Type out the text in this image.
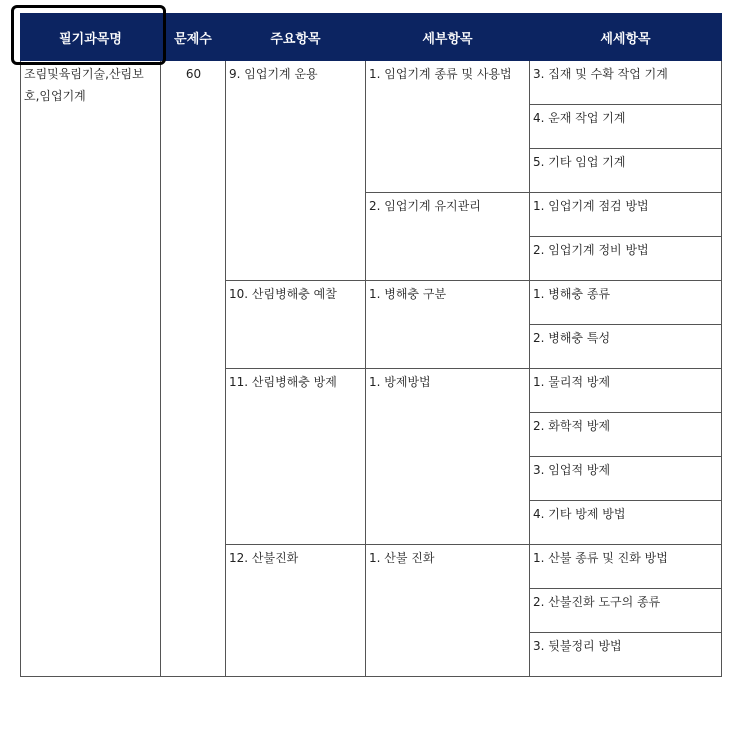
필기과목명	문제수	주요항목	세부항목	세세항목
조림및육림기술,산림보호,임업기계	60	9. 임업기계 운용	1. 임업기계 종류 및 사용법	3. 집재 및 수확 작업 기계
				4. 운재 작업 기계
				5. 기타 임업 기계
			2. 임업기계 유지관리	1. 임업기계 점검 방법
				2. 임업기계 정비 방법
		10. 산림병해충 예찰	1. 병해충 구분	1. 병해충 종류
				2. 병해충 특성
		11. 산림병해충 방제	1. 방제방법	1. 물리적 방제
				2. 화학적 방제
				3. 임업적 방제
				4. 기타 방제 방법
		12. 산불진화	1. 산불 진화	1. 산불 종류 및 진화 방법
				2. 산불진화 도구의 종류
				3. 뒷불정리 방법
